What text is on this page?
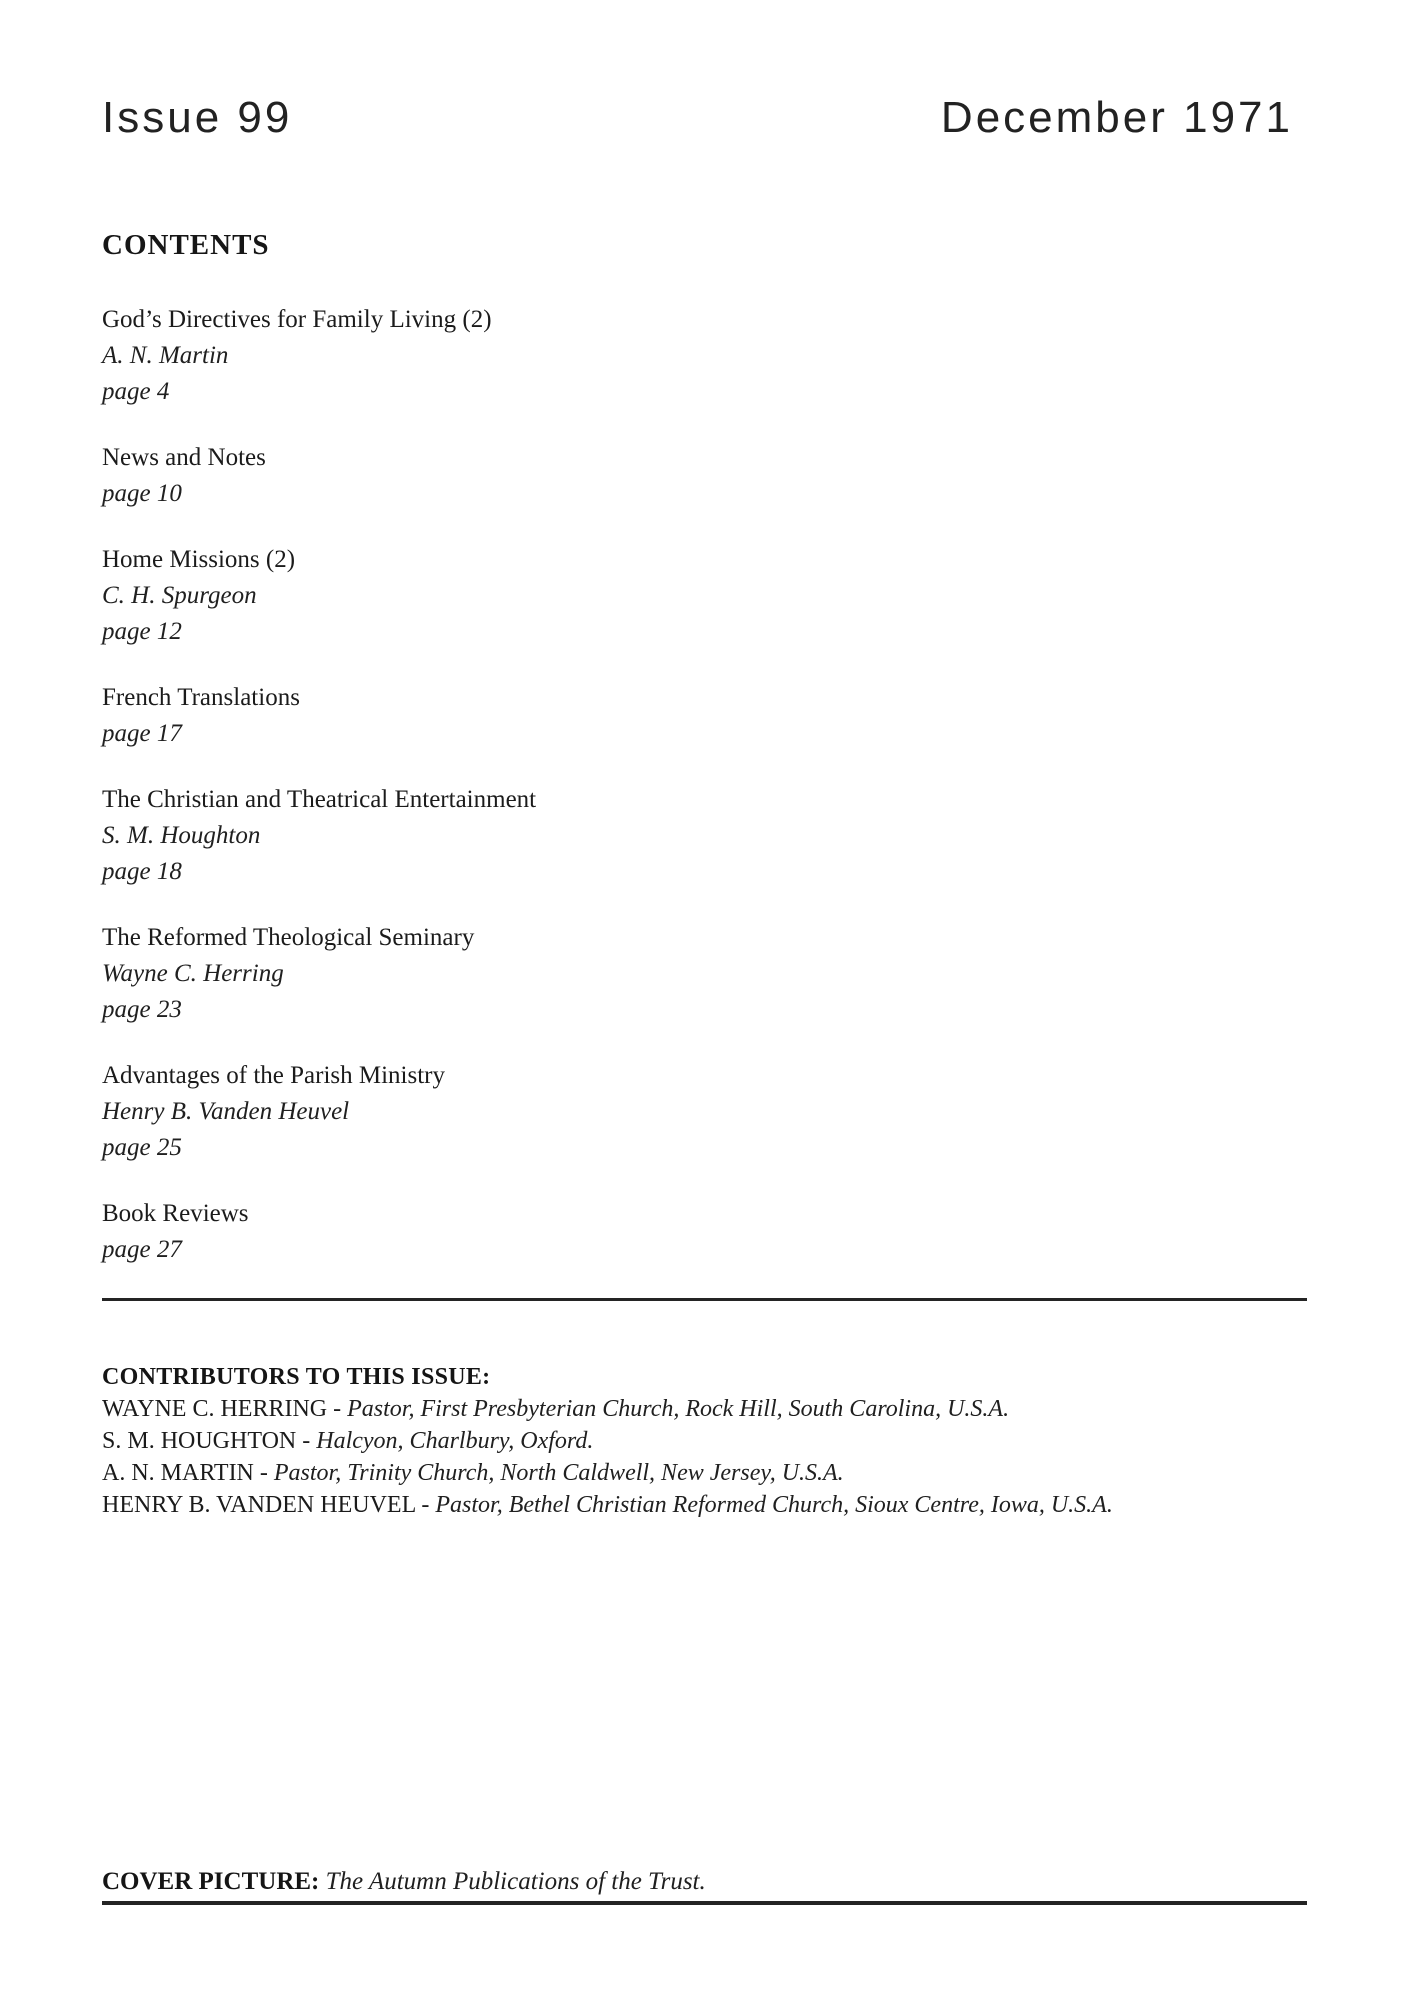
Issue 99	December 1971
CONTENTS
God’s Directives for Family Living (2)
A. N. Martin
page 4
News and Notes
page 10
Home Missions (2)
C. H. Spurgeon
page 12
French Translations
page 17
The Christian and Theatrical Entertainment
S. M. Houghton
page 18
The Reformed Theological Seminary
Wayne C. Herring
page 23
Advantages of the Parish Ministry
Henry B. Vanden Heuvel
page 25
Book Reviews
page 27
CONTRIBUTORS TO THIS ISSUE:
WAYNE C. HERRING - Pastor, First Presbyterian Church, Rock Hill, South Carolina, U.S.A.
S. M. HOUGHTON - Halcyon, Charlbury, Oxford.
A. N. MARTIN - Pastor, Trinity Church, North Caldwell, New Jersey, U.S.A.
HENRY B. VANDEN HEUVEL - Pastor, Bethel Christian Reformed Church, Sioux Centre, Iowa, U.S.A.
COVER PICTURE: The Autumn Publications of the Trust.
